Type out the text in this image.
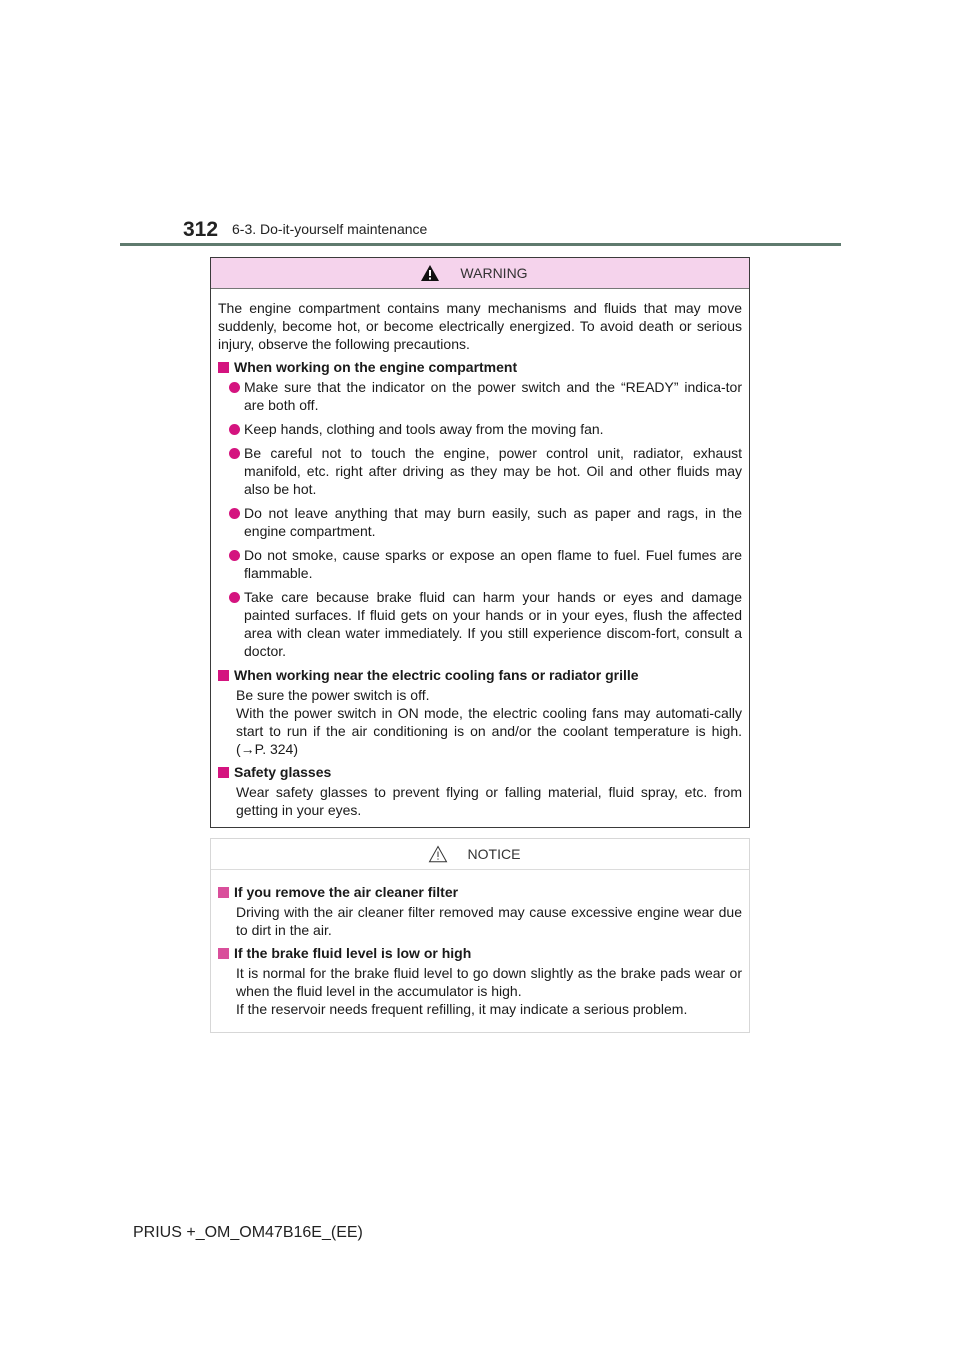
312 6-3. Do-it-yourself maintenance
WARNING

The engine compartment contains many mechanisms and fluids that may move suddenly, become hot, or become electrically energized. To avoid death or serious injury, observe the following precautions.

When working on the engine compartment
Make sure that the indicator on the power switch and the “READY” indica-tor are both off.
Keep hands, clothing and tools away from the moving fan.
Be careful not to touch the engine, power control unit, radiator, exhaust manifold, etc. right after driving as they may be hot. Oil and other fluids may also be hot.
Do not leave anything that may burn easily, such as paper and rags, in the engine compartment.
Do not smoke, cause sparks or expose an open flame to fuel. Fuel fumes are flammable.
Take care because brake fluid can harm your hands or eyes and damage painted surfaces. If fluid gets on your hands or in your eyes, flush the affected area with clean water immediately. If you still experience discom-fort, consult a doctor.
When working near the electric cooling fans or radiator grille
Be sure the power switch is off.
With the power switch in ON mode, the electric cooling fans may automati-cally start to run if the air conditioning is on and/or the coolant temperature is high. (→P. 324)
Safety glasses
Wear safety glasses to prevent flying or falling material, fluid spray, etc. from getting in your eyes.
NOTICE
If you remove the air cleaner filter
Driving with the air cleaner filter removed may cause excessive engine wear due to dirt in the air.
If the brake fluid level is low or high
It is normal for the brake fluid level to go down slightly as the brake pads wear or when the fluid level in the accumulator is high.
If the reservoir needs frequent refilling, it may indicate a serious problem.
PRIUS +_OM_OM47B16E_(EE)
